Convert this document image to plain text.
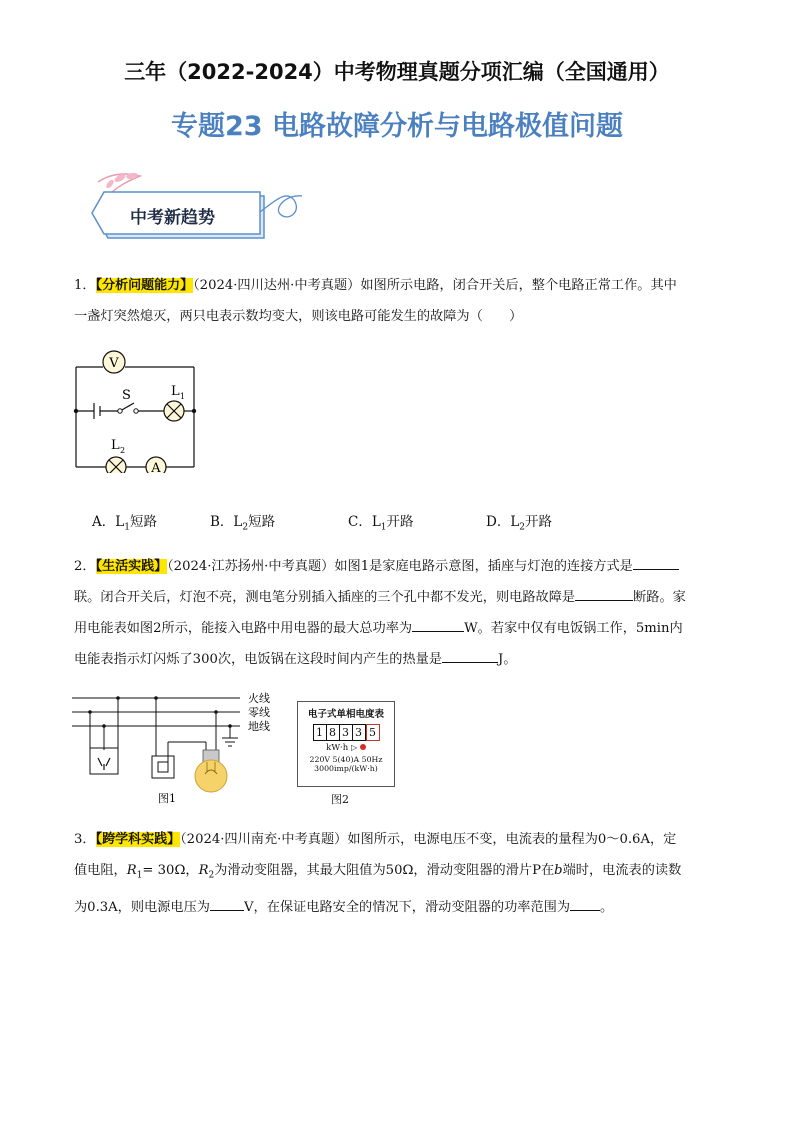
三年（2022-2024）中考物理真题分项汇编（全国通用）
专题23 电路故障分析与电路极值问题
中考新趋势
1．【分析问题能力】（2024·四川达州·中考真题）如图所示电路，闭合开关后，整个电路正常工作。其中
一盏灯突然熄灭，两只电表示数均变大，则该电路可能发生的故障为（　　）
V
A
S	L 1
L 2
A．$L_1$短路	B．$L_2$短路	C．$L_1$开路	D．$L_2$开路
2．【生活实践】（2024·江苏扬州·中考真题）如图1是家庭电路示意图，插座与灯泡的连接方式是
联。闭合开关后，灯泡不亮，测电笔分别插入插座的三个孔中都不发光，则电路故障是	断路。家
用电能表如图2所示，能接入电路中用电器的最大总功率为	W。若家中仅有电饭锅工作，5min内
电能表指示灯闪烁了300次，电饭锅在这段时间内产生的热量是	J。
火线
零线
地线
图1
电子式单相电度表
1 8 3 3 5
kW·h ▷
220V 5(40)A 50Hz
3000imp/(kW·h)
图2
3．【跨学科实践】（2024·四川南充·中考真题）如图所示，电源电压不变，电流表的量程为0～0.6A，定
值电阻，$R_1= 30\Omega$，$R_2$为滑动变阻器，其最大阻值为50Ω，滑动变阻器的滑片P在b端时，电流表的读数
为0.3A，则电源电压为	V，在保证电路安全的情况下，滑动变阻器的功率范围为 。
